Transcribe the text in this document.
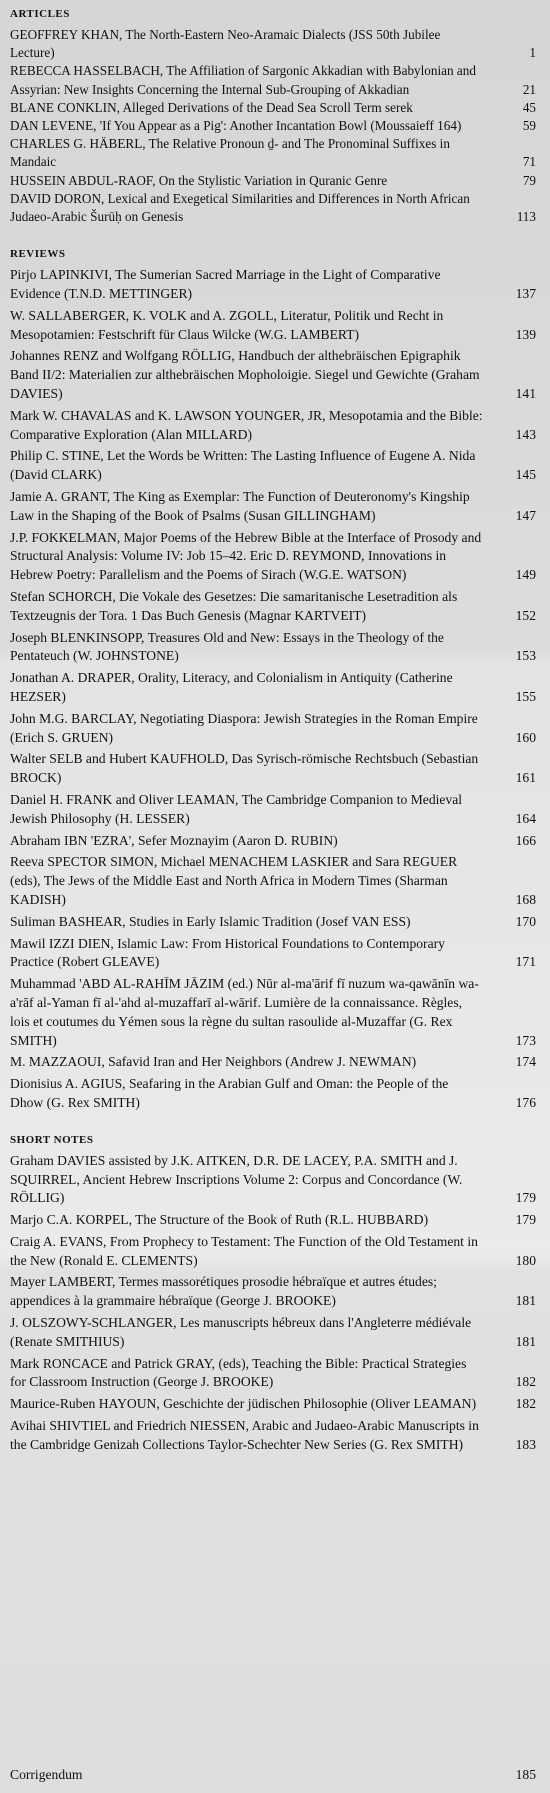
ARTICLES
GEOFFREY KHAN, The North-Eastern Neo-Aramaic Dialects (JSS 50th Jubilee Lecture)	1
REBECCA HASSELBACH, The Affiliation of Sargonic Akkadian with Babylonian and Assyrian: New Insights Concerning the Internal Sub-Grouping of Akkadian	21
BLANE CONKLIN, Alleged Derivations of the Dead Sea Scroll Term serek	45
DAN LEVENE, 'If You Appear as a Pig': Another Incantation Bowl (Moussaieff 164)	59
CHARLES G. HÄBERL, The Relative Pronoun ḏ- and The Pronominal Suffixes in Mandaic	71
HUSSEIN ABDUL-RAOF, On the Stylistic Variation in Quranic Genre	79
DAVID DORON, Lexical and Exegetical Similarities and Differences in North African Judaeo-Arabic Šurūḥ on Genesis	113
REVIEWS
Pirjo LAPINKIVI, The Sumerian Sacred Marriage in the Light of Comparative Evidence (T.N.D. METTINGER)	137
W. SALLABERGER, K. VOLK and A. ZGOLL, Literatur, Politik und Recht in Mesopotamien: Festschrift für Claus Wilcke (W.G. LAMBERT)	139
Johannes RENZ and Wolfgang RÖLLIG, Handbuch der althebräischen Epigraphik Band II/2: Materialien zur althebräischen Mopholoigie. Siegel und Gewichte (Graham DAVIES)	141
Mark W. CHAVALAS and K. LAWSON YOUNGER, JR, Mesopotamia and the Bible: Comparative Exploration (Alan MILLARD)	143
Philip C. STINE, Let the Words be Written: The Lasting Influence of Eugene A. Nida (David CLARK)	145
Jamie A. GRANT, The King as Exemplar: The Function of Deuteronomy's Kingship Law in the Shaping of the Book of Psalms (Susan GILLINGHAM)	147
J.P. FOKKELMAN, Major Poems of the Hebrew Bible at the Interface of Prosody and Structural Analysis: Volume IV: Job 15–42. Eric D. REYMOND, Innovations in Hebrew Poetry: Parallelism and the Poems of Sirach (W.G.E. WATSON)	149
Stefan SCHORCH, Die Vokale des Gesetzes: Die samaritanische Lesetradition als Textzeugnis der Tora. 1 Das Buch Genesis (Magnar KARTVEIT)	152
Joseph BLENKINSOPP, Treasures Old and New: Essays in the Theology of the Pentateuch (W. JOHNSTONE)	153
Jonathan A. DRAPER, Orality, Literacy, and Colonialism in Antiquity (Catherine HEZSER)	155
John M.G. BARCLAY, Negotiating Diaspora: Jewish Strategies in the Roman Empire (Erich S. GRUEN)	160
Walter SELB and Hubert KAUFHOLD, Das Syrisch-römische Rechtsbuch (Sebastian BROCK)	161
Daniel H. FRANK and Oliver LEAMAN, The Cambridge Companion to Medieval Jewish Philosophy (H. LESSER)	164
Abraham IBN 'EZRA', Sefer Moznayim (Aaron D. RUBIN)	166
Reeva SPECTOR SIMON, Michael MENACHEM LASKIER and Sara REGUER (eds), The Jews of the Middle East and North Africa in Modern Times (Sharman KADISH)	168
Suliman BASHEAR, Studies in Early Islamic Tradition (Josef VAN ESS)	170
Mawil IZZI DIEN, Islamic Law: From Historical Foundations to Contemporary Practice (Robert GLEAVE)	171
Muhammad 'ABD AL-RAHĪM JĀZIM (ed.) Nūr al-ma'ārif fī nuzum wa-qawānīn wa-a'rāf al-Yaman fī al-'ahd al-muzaffarī al-wārif. Lumière de la connaissance. Règles, lois et coutumes du Yémen sous la règne du sultan rasoulide al-Muzaffar (G. Rex SMITH)	173
M. MAZZAOUI, Safavid Iran and Her Neighbors (Andrew J. NEWMAN)	174
Dionisius A. AGIUS, Seafaring in the Arabian Gulf and Oman: the People of the Dhow (G. Rex SMITH)	176
SHORT NOTES
Graham DAVIES assisted by J.K. AITKEN, D.R. DE LACEY, P.A. SMITH and J. SQUIRREL, Ancient Hebrew Inscriptions Volume 2: Corpus and Concordance (W. RÖLLIG)	179
Marjo C.A. KORPEL, The Structure of the Book of Ruth (R.L. HUBBARD)	179
Craig A. EVANS, From Prophecy to Testament: The Function of the Old Testament in the New (Ronald E. CLEMENTS)	180
Mayer LAMBERT, Termes massorétiques prosodie hébraïque et autres études; appendices à la grammaire hébraïque (George J. BROOKE)	181
J. OLSZOWY-SCHLANGER, Les manuscripts hébreux dans l'Angleterre médiévale (Renate SMITHIUS)	181
Mark RONCACE and Patrick GRAY, (eds), Teaching the Bible: Practical Strategies for Classroom Instruction (George J. BROOKE)	182
Maurice-Ruben HAYOUN, Geschichte der jüdischen Philosophie (Oliver LEAMAN)	182
Avihai SHIVTIEL and Friedrich NIESSEN, Arabic and Judaeo-Arabic Manuscripts in the Cambridge Genizah Collections Taylor-Schechter New Series (G. Rex SMITH)	183
Corrigendum	185
